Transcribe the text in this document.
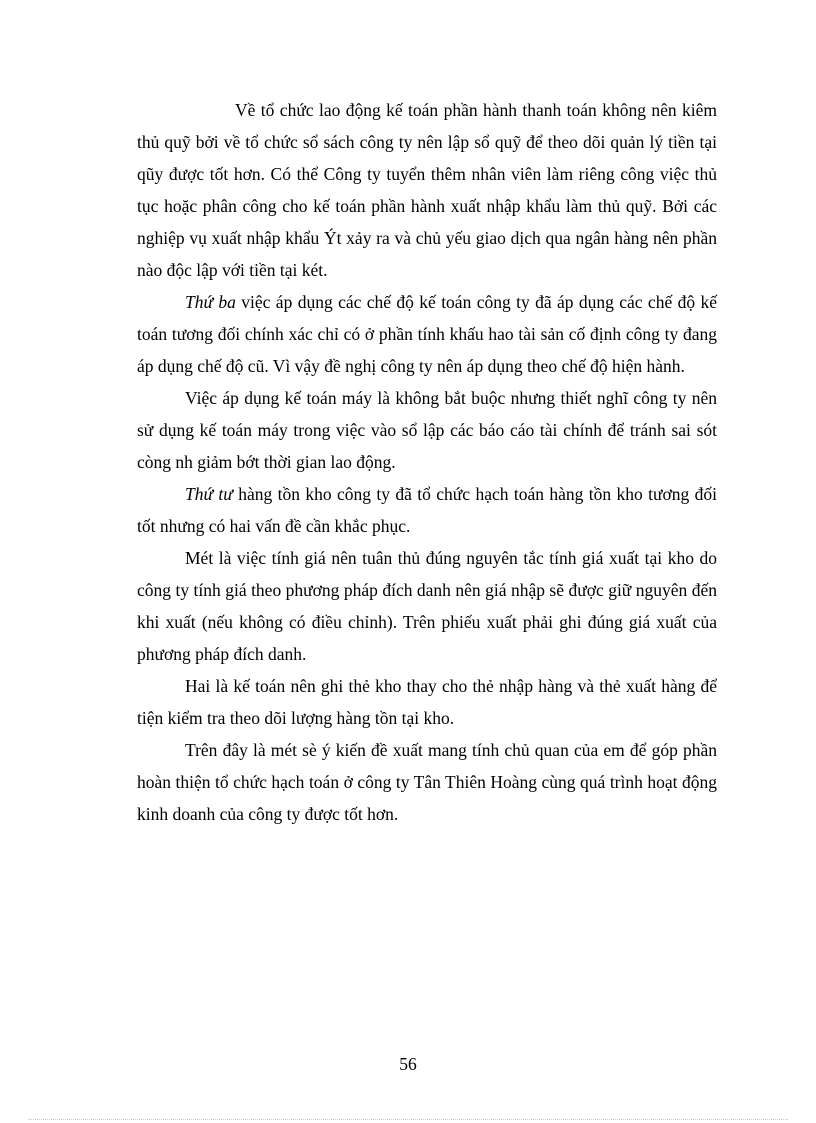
Về tổ chức lao động kế toán phần hành thanh toán không nên kiêm thủ quỹ bởi về tổ chức sổ sách công ty nên lập sổ quỹ để theo dõi quản lý tiền tại qũy được tốt hơn. Có thể Công ty tuyển thêm nhân viên làm riêng công việc thủ tục hoặc phân công cho kế toán phần hành xuất nhập khẩu làm thủ quỹ. Bởi các nghiệp vụ xuất nhập khẩu Ýt xảy ra và chủ yếu giao dịch qua ngân hàng nên phần nào độc lập với tiền tại két.

Thứ ba việc áp dụng các chế độ kế toán công ty đã áp dụng các chế độ kế toán tương đối chính xác chỉ có ở phần tính khấu hao tài sản cố định công ty đang áp dụng chế độ cũ. Vì vậy đề nghị công ty nên áp dụng theo chế độ hiện hành.

Việc áp dụng kế toán máy là không bắt buộc nhưng thiết nghĩ công ty nên sử dụng kế toán máy trong việc vào sổ lập các báo cáo tài chính để tránh sai sót còng nh giảm bớt thời gian lao động.

Thứ tư hàng tồn kho công ty đã tổ chức hạch toán hàng tồn kho tương đối tốt nhưng có hai vấn đề cần khắc phục.

Mét là việc tính giá nên tuân thủ đúng nguyên tắc tính giá xuất tại kho do công ty tính giá theo phương pháp đích danh nên giá nhập sẽ được giữ nguyên đến khi xuất (nếu không có điều chỉnh). Trên phiếu xuất phải ghi đúng giá xuất của phương pháp đích danh.

Hai là kế toán nên ghi thẻ kho thay cho thẻ nhập hàng và thẻ xuất hàng để tiện kiểm tra theo dõi lượng hàng tồn tại kho.

Trên đây là mét sè ý kiến đề xuất mang tính chủ quan của em để góp phần hoàn thiện tổ chức hạch toán ở công ty Tân Thiên Hoàng cùng quá trình hoạt động kinh doanh của công ty được tốt hơn.

56
